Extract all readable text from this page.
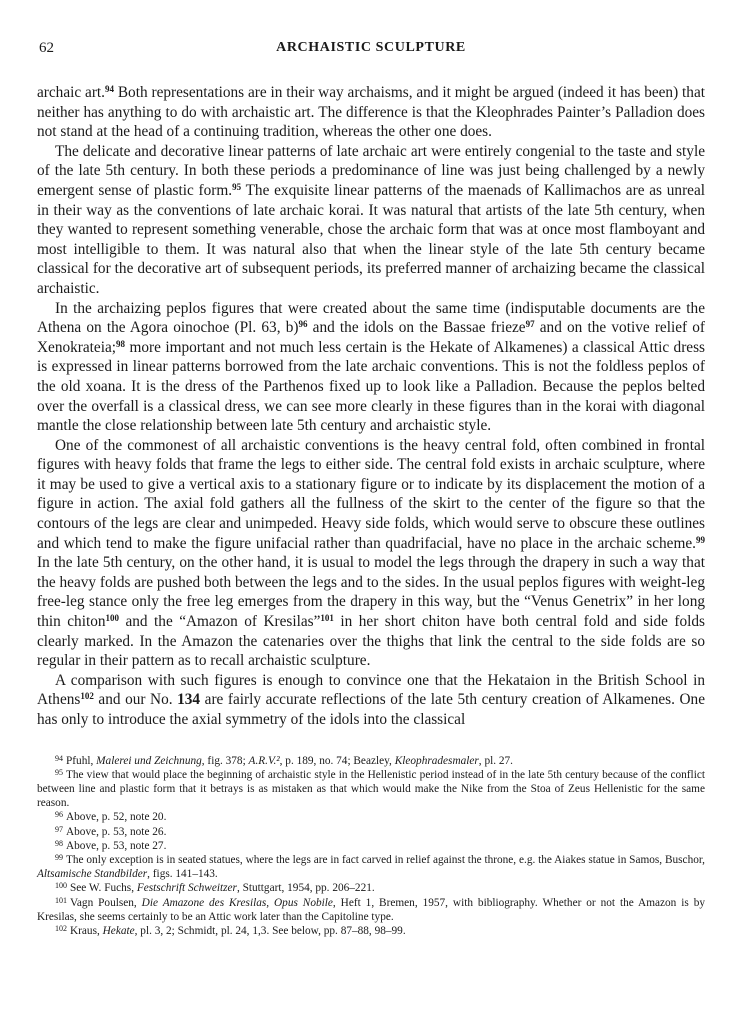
62	ARCHAISTIC SCULPTURE

archaic art.$^{94}$ Both representations are in their way archaisms, and it might be argued (indeed it has been) that neither has anything to do with archaistic art. The difference is that the Kleophrades Painter’s Palladion does not stand at the head of a continuing tradition, whereas the other one does.

The delicate and decorative linear patterns of late archaic art were entirely congenial to the taste and style of the late 5th century. In both these periods a predominance of line was just being challenged by a newly emergent sense of plastic form.$^{95}$ The exquisite linear patterns of the maenads of Kallimachos are as unreal in their way as the conventions of late archaic korai. It was natural that artists of the late 5th century, when they wanted to represent something venerable, chose the archaic form that was at once most flamboyant and most intelligible to them. It was natural also that when the linear style of the late 5th century became classical for the decorative art of subsequent periods, its preferred manner of archaizing became the classical archaistic.

In the archaizing peplos figures that were created about the same time (indisputable documents are the Athena on the Agora oinochoe (Pl. 63, b)$^{96}$ and the idols on the Bassae frieze$^{97}$ and on the votive relief of Xenokrateia;$^{98}$ more important and not much less certain is the Hekate of Alkamenes) a classical Attic dress is expressed in linear patterns borrowed from the late archaic conventions. This is not the foldless peplos of the old xoana. It is the dress of the Parthenos fixed up to look like a Palladion. Because the peplos belted over the overfall is a classical dress, we can see more clearly in these figures than in the korai with diagonal mantle the close relationship between late 5th century and archaistic style.

One of the commonest of all archaistic conventions is the heavy central fold, often combined in frontal figures with heavy folds that frame the legs to either side. The central fold exists in archaic sculpture, where it may be used to give a vertical axis to a stationary figure or to indicate by its displacement the motion of a figure in action. The axial fold gathers all the fullness of the skirt to the center of the figure so that the contours of the legs are clear and unimpeded. Heavy side folds, which would serve to obscure these outlines and which tend to make the figure unifacial rather than quadrifacial, have no place in the archaic scheme.$^{99}$ In the late 5th century, on the other hand, it is usual to model the legs through the drapery in such a way that the heavy folds are pushed both between the legs and to the sides. In the usual peplos figures with weight-leg free-leg stance only the free leg emerges from the drapery in this way, but the “Venus Genetrix” in her long thin chiton$^{100}$ and the “Amazon of Kresilas”$^{101}$ in her short chiton have both central fold and side folds clearly marked. In the Amazon the catenaries over the thighs that link the central to the side folds are so regular in their pattern as to recall archaistic sculpture.

A comparison with such figures is enough to convince one that the Hekataion in the British School in Athens$^{102}$ and our No. 134 are fairly accurate reflections of the late 5th century creation of Alkamenes. One has only to introduce the axial symmetry of the idols into the classical

$^{94}$ Pfuhl, Malerei und Zeichnung, fig. 378; A.R.V.², p. 189, no. 74; Beazley, Kleophradesmaler, pl. 27.

$^{95}$ The view that would place the beginning of archaistic style in the Hellenistic period instead of in the late 5th century because of the conflict between line and plastic form that it betrays is as mistaken as that which would make the Nike from the Stoa of Zeus Hellenistic for the same reason.

$^{96}$ Above, p. 52, note 20.

$^{97}$ Above, p. 53, note 26.

$^{98}$ Above, p. 53, note 27.

$^{99}$ The only exception is in seated statues, where the legs are in fact carved in relief against the throne, e.g. the Aiakes statue in Samos, Buschor, Altsamische Standbilder, figs. 141–143.

$^{100}$ See W. Fuchs, Festschrift Schweitzer, Stuttgart, 1954, pp. 206–221.

$^{101}$ Vagn Poulsen, Die Amazone des Kresilas, Opus Nobile, Heft 1, Bremen, 1957, with bibliography. Whether or not the Amazon is by Kresilas, she seems certainly to be an Attic work later than the Capitoline type.

$^{102}$ Kraus, Hekate, pl. 3, 2; Schmidt, pl. 24, 1,3. See below, pp. 87–88, 98–99.
